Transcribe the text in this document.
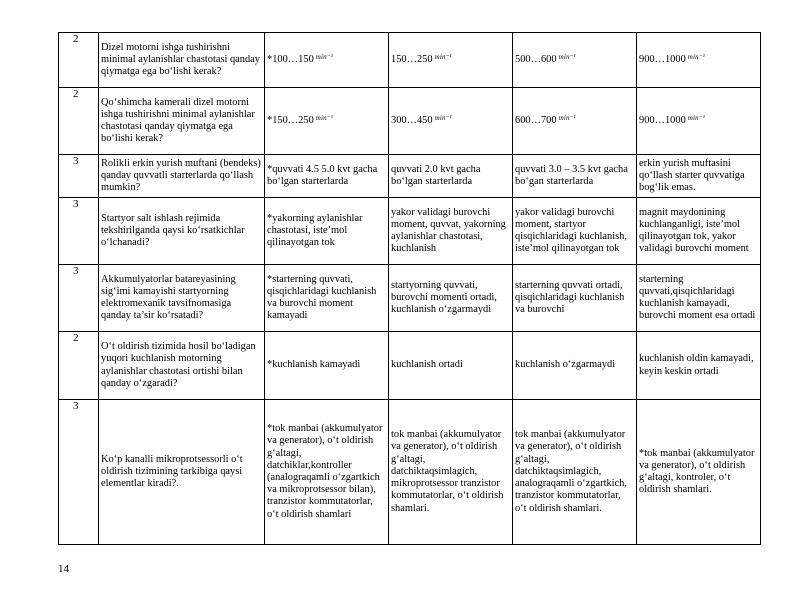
2	Dizel motorni ishga tushirishni minimal aylanishlar chastotasi qanday qiymatga ega bo‘lishi kerak?	*100…150 min⁻¹	150…250 min⁻¹	500…600 min⁻¹	900…1000 min⁻¹
2	Qo‘shimcha kamerali dizel motorni ishga tushirishni minimal aylanishlar chastotasi qanday qiymatga ega bo‘lishi kerak?	*150…250 min⁻¹	300…450 min⁻¹	600…700 min⁻¹	900…1000 min⁻¹
3	Rolikli erkin yurish muftani (bendeks) qanday quvvatli starterlarda qo‘llash mumkin?	*quvvati 4.5 5.0 kvt gacha bo‘lgan starterlarda	quvvati 2.0 kvt gacha bo‘lgan starterlarda	quvvati 3.0 – 3.5 kvt gacha bo‘gan starterlarda	erkin yurish muftasini qo‘llash starter quvvatiga bog‘lik emas.
3	Startyor salt ishlash rejimida tekshirilganda qaysi ko‘rsatkichlar o‘lchanadi?	*yakorning aylanishlar chastotasi, iste’mol qilinayotgan tok	yakor validagi burovchi moment, quvvat, yakorning aylanishlar chastotasi, kuchlanish	yakor validagi burovchi moment, startyor qisqichlaridagi kuchlanish, iste’mol qilinayotgan tok	magnit maydonining kuchlanganligi, iste’mol qilinayotgan tok, yakor validagi burovchi moment
3	Akkumulyatorlar batareyasining sig‘imi kamayishi startyorning elektromexanik tavsifnomasiga qanday ta’sir ko‘rsatadi?	*starterning quvvati, qisqichlaridagi kuchlanish va burovchi moment kamayadi	startyorning quvvati, burovchi momenti ortadi, kuchlanish o‘zgarmaydi	starterning quvvati ortadi, qisqichlaridagi kuchlanish va burovchi	starterning quvvati,qisqichlaridagi kuchlanish kamayadi, burovchi moment esa ortadi
2	O‘t oldirish tizimida hosil bo‘ladigan yuqori kuchlanish motorning aylanishlar chastotasi ortishi bilan qanday o‘zgaradi?	*kuchlanish kamayadi	kuchlanish ortadi	kuchlanish o‘zgarmaydi	kuchlanish oldin kamayadi, keyin keskin ortadi
3	Ko‘p kanalli mikroprotsessorli o‘t oldirish tizimining tarkibiga qaysi elementlar kiradi?.	*tok manbai (akkumulyator va generator), o‘t oldirish g‘altagi, datchiklar,kontroller (analograqamli o‘zgartkich va mikroprotsessor bilan), tranzistor kommutatorlar, o‘t oldirish shamlari	tok manbai (akkumulyator va generator), o‘t oldirish g‘altagi, datchiktaqsimlagich, mikroprotsessor tranzistor kommutatorlar, o‘t oldirish shamlari.	tok manbai (akkumulyator va generator), o‘t oldirish g‘altagi, datchiktaqsimlagich, analograqamli o‘zgartkich, tranzistor kommutatorlar, o‘t oldirish shamlari.	*tok manbai (akkumulyator va generator), o‘t oldirish g‘altagi, kontroler, o‘t oldirish shamlari.
14
